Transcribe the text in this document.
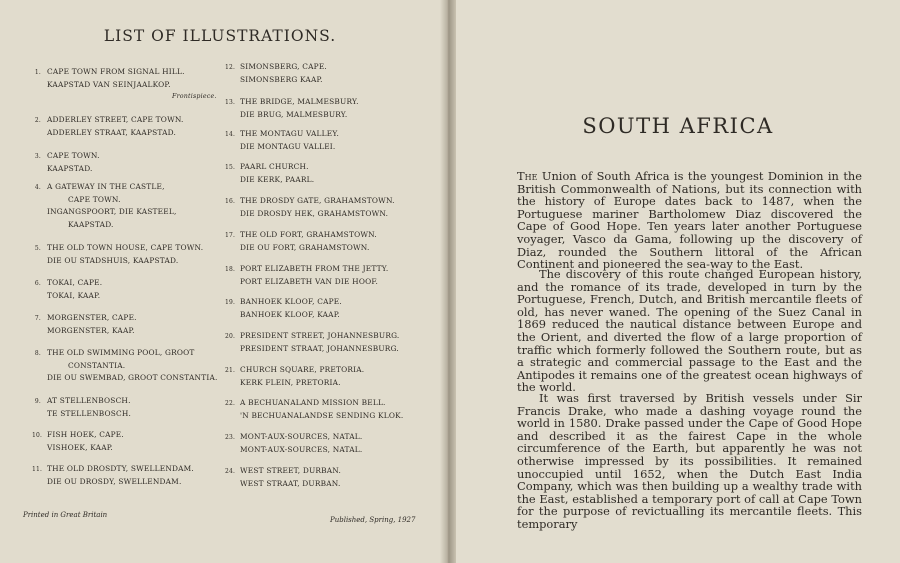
LIST OF ILLUSTRATIONS.
1. CAPE TOWN FROM SIGNAL HILL.
KAAPSTAD VAN SEINJAALKOP.
Frontispiece.
2. ADDERLEY STREET, CAPE TOWN.
ADDERLEY STRAAT, KAAPSTAD.
3. CAPE TOWN.
KAAPSTAD.
4. A GATEWAY IN THE CASTLE,
CAPE TOWN.
INGANGSPOORT, DIE KASTEEL,
KAAPSTAD.
5. THE OLD TOWN HOUSE, CAPE TOWN.
DIE OU STADSHUIS, KAAPSTAD.
6. TOKAI, CAPE.
TOKAI, KAAP.
7. MORGENSTER, CAPE.
MORGENSTER, KAAP.
8. THE OLD SWIMMING POOL, GROOT
CONSTANTIA.
DIE OU SWEMBAD, GROOT CONSTANTIA.
9. AT STELLENBOSCH.
TE STELLENBOSCH.
10. FISH HOEK, CAPE.
VISHOEK, KAAP.
11. THE OLD DROSDTY, SWELLENDAM.
DIE OU DROSDY, SWELLENDAM.
12. SIMONSBERG, CAPE.
SIMONSBERG KAAP.
13. THE BRIDGE, MALMESBURY.
DIE BRUG, MALMESBURY.
14. THE MONTAGU VALLEY.
DIE MONTAGU VALLEI.
15. PAARL CHURCH.
DIE KERK, PAARL.
16. THE DROSDY GATE, GRAHAMSTOWN.
DIE DROSDY HEK, GRAHAMSTOWN.
17. THE OLD FORT, GRAHAMSTOWN.
DIE OU FORT, GRAHAMSTOWN.
18. PORT ELIZABETH FROM THE JETTY.
PORT ELIZABETH VAN DIE HOOF.
19. BANHOEK KLOOF, CAPE.
BANHOEK KLOOF, KAAP.
20. PRESIDENT STREET, JOHANNESBURG.
PRESIDENT STRAAT, JOHANNESBURG.
21. CHURCH SQUARE, PRETORIA.
KERK FLEIN, PRETORIA.
22. A BECHUANALAND MISSION BELL.
'N BECHUANALANDSE SENDING KLOK.
23. MONT-AUX-SOURCES, NATAL.
MONT-AUX-SOURCES, NATAL.
24. WEST STREET, DURBAN.
WEST STRAAT, DURBAN.
Printed in Great Britain
Published, Spring, 1927
SOUTH AFRICA

The Union of South Africa is the youngest Dominion in the British Commonwealth of Nations, but its connection with the history of Europe dates back to 1487, when the Portuguese mariner Bartholomew Diaz discovered the Cape of Good Hope. Ten years later another Portuguese voyager, Vasco da Gama, following up the discovery of Diaz, rounded the Southern littoral of the African Continent and pioneered the sea-way to the East.

The discovery of this route changed European history, and the romance of its trade, developed in turn by the Portuguese, French, Dutch, and British mercantile fleets of old, has never waned. The opening of the Suez Canal in 1869 reduced the nautical distance between Europe and the Orient, and diverted the flow of a large proportion of traffic which formerly followed the Southern route, but as a strategic and commercial passage to the East and the Antipodes it remains one of the greatest ocean highways of the world.

It was first traversed by British vessels under Sir Francis Drake, who made a dashing voyage round the world in 1580. Drake passed under the Cape of Good Hope and described it as the fairest Cape in the whole circumference of the Earth, but apparently he was not otherwise impressed by its possibilities. It remained unoccupied until 1652, when the Dutch East India Company, which was then building up a wealthy trade with the East, established a temporary port of call at Cape Town for the purpose of revictualling its mercantile fleets. This temporary
